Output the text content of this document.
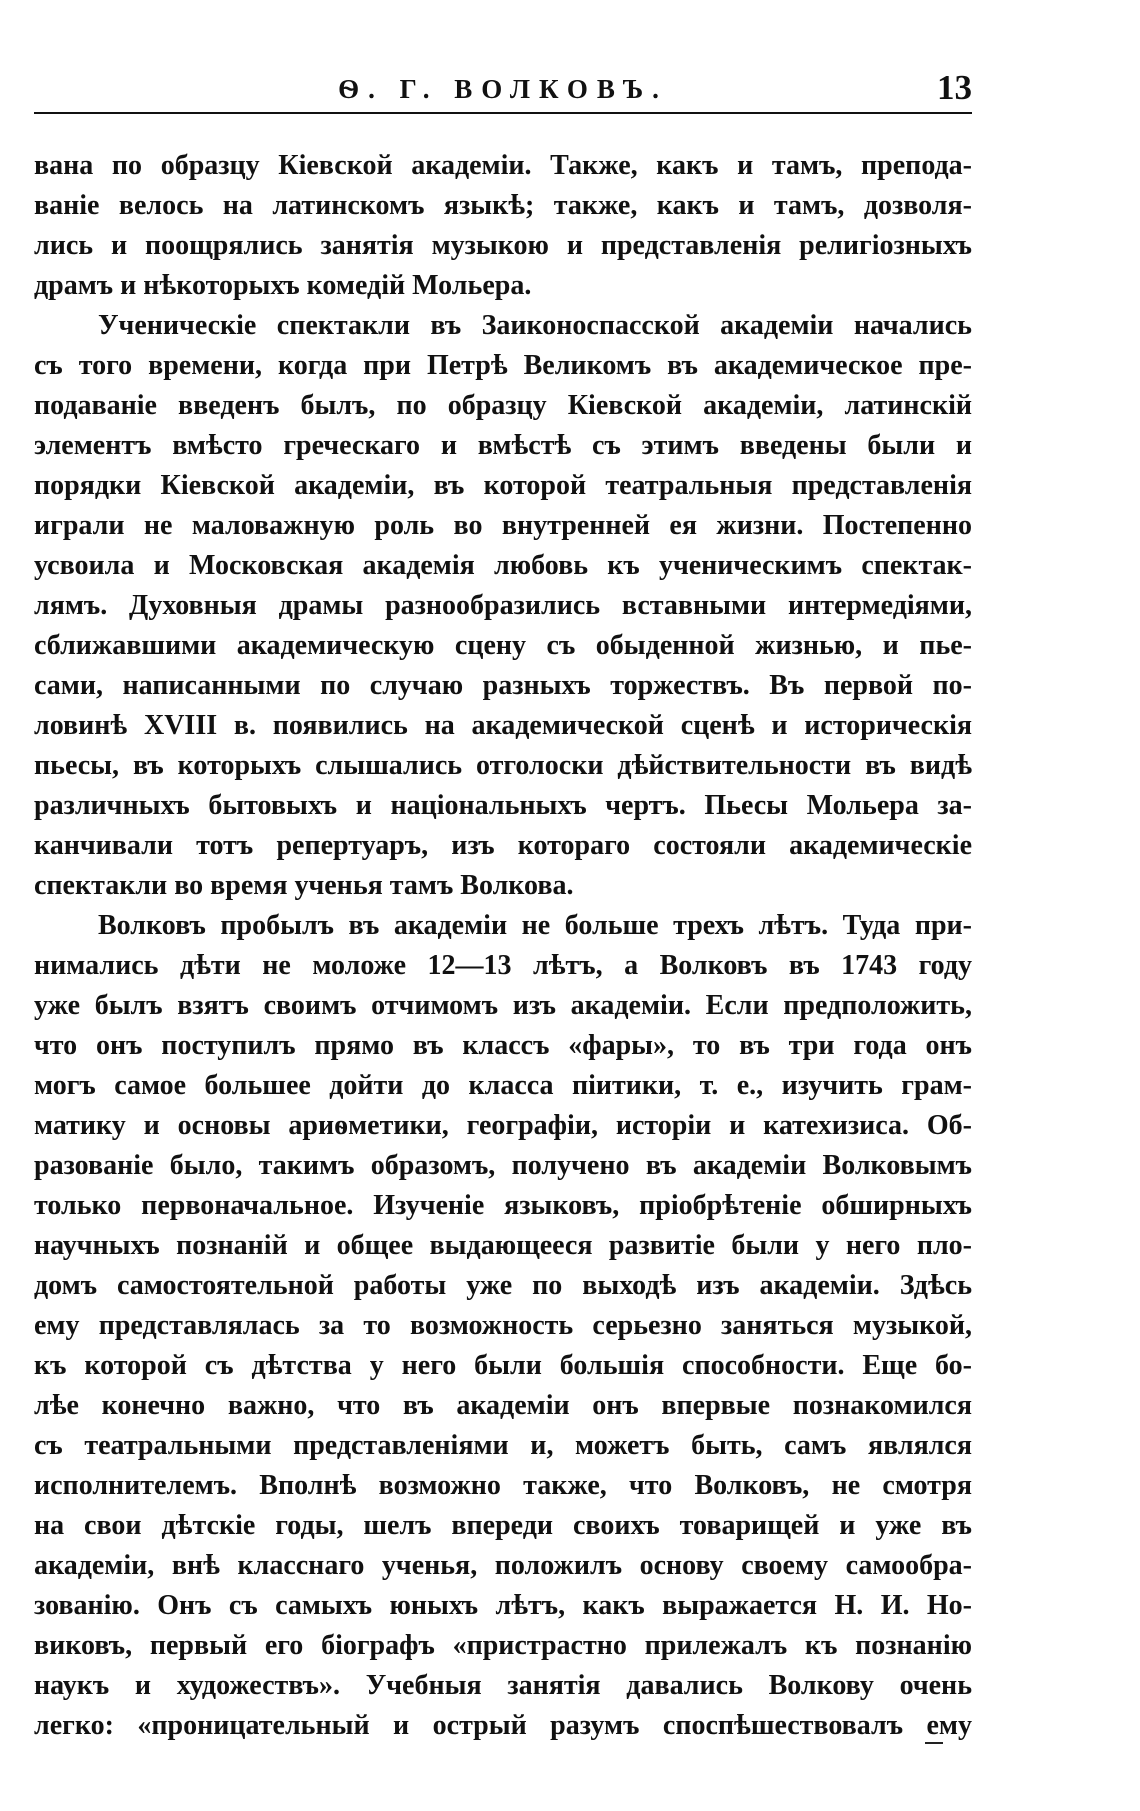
Ѳ. Г. ВОЛКОВЪ.	13
вана по образцу Кіевской академіи. Также, какъ и тамъ, препода-
ваніе велось на латинскомъ языкѣ; также, какъ и тамъ, дозволя-
лись и поощрялись занятія музыкою и представленія религіозныхъ
драмъ и нѣкоторыхъ комедій Мольера.
Ученическіе спектакли въ Заиконоспасской академіи начались
съ того времени, когда при Петрѣ Великомъ въ академическое пре-
подаваніе введенъ былъ, по образцу Кіевской академіи, латинскій
элементъ вмѣсто греческаго и вмѣстѣ съ этимъ введены были и
порядки Кіевской академіи, въ которой театральныя представленія
играли не маловажную роль во внутренней ея жизни. Постепенно
усвоила и Московская академія любовь къ ученическимъ спектак-
лямъ. Духовныя драмы разнообразились вставными интермедіями,
сближавшими академическую сцену съ обыденной жизнью, и пье-
сами, написанными по случаю разныхъ торжествъ. Въ первой по-
ловинѣ XVIII в. появились на академической сценѣ и историческія
пьесы, въ которыхъ слышались отголоски дѣйствительности въ видѣ
различныхъ бытовыхъ и національныхъ чертъ. Пьесы Мольера за-
канчивали тотъ репертуаръ, изъ котораго состояли академическіе
спектакли во время ученья тамъ Волкова.
Волковъ пробылъ въ академіи не больше трехъ лѣтъ. Туда при-
нимались дѣти не моложе 12—13 лѣтъ, а Волковъ въ 1743 году
уже былъ взятъ своимъ отчимомъ изъ академіи. Если предположить,
что онъ поступилъ прямо въ классъ «фары», то въ три года онъ
могъ самое большее дойти до класса піитики, т. е., изучить грам-
матику и основы ариѳметики, географіи, исторіи и катехизиса. Об-
разованіе было, такимъ образомъ, получено въ академіи Волковымъ
только первоначальное. Изученіе языковъ, пріобрѣтеніе обширныхъ
научныхъ познаній и общее выдающееся развитіе были у него пло-
домъ самостоятельной работы уже по выходѣ изъ академіи. Здѣсь
ему представлялась за то возможность серьезно заняться музыкой,
къ которой съ дѣтства у него были большія способности. Еще бо-
лѣе конечно важно, что въ академіи онъ впервые познакомился
съ театральными представленіями и, можетъ быть, самъ являлся
исполнителемъ. Вполнѣ возможно также, что Волковъ, не смотря
на свои дѣтскіе годы, шелъ впереди своихъ товарищей и уже въ
академіи, внѣ класснаго ученья, положилъ основу своему самообра-
зованію. Онъ съ самыхъ юныхъ лѣтъ, какъ выражается Н. И. Но-
виковъ, первый его біографъ «пристрастно прилежалъ къ познанію
наукъ и художествъ». Учебныя занятія давались Волкову очень
легко: «проницательный и острый разумъ споспѣшествовалъ ему
